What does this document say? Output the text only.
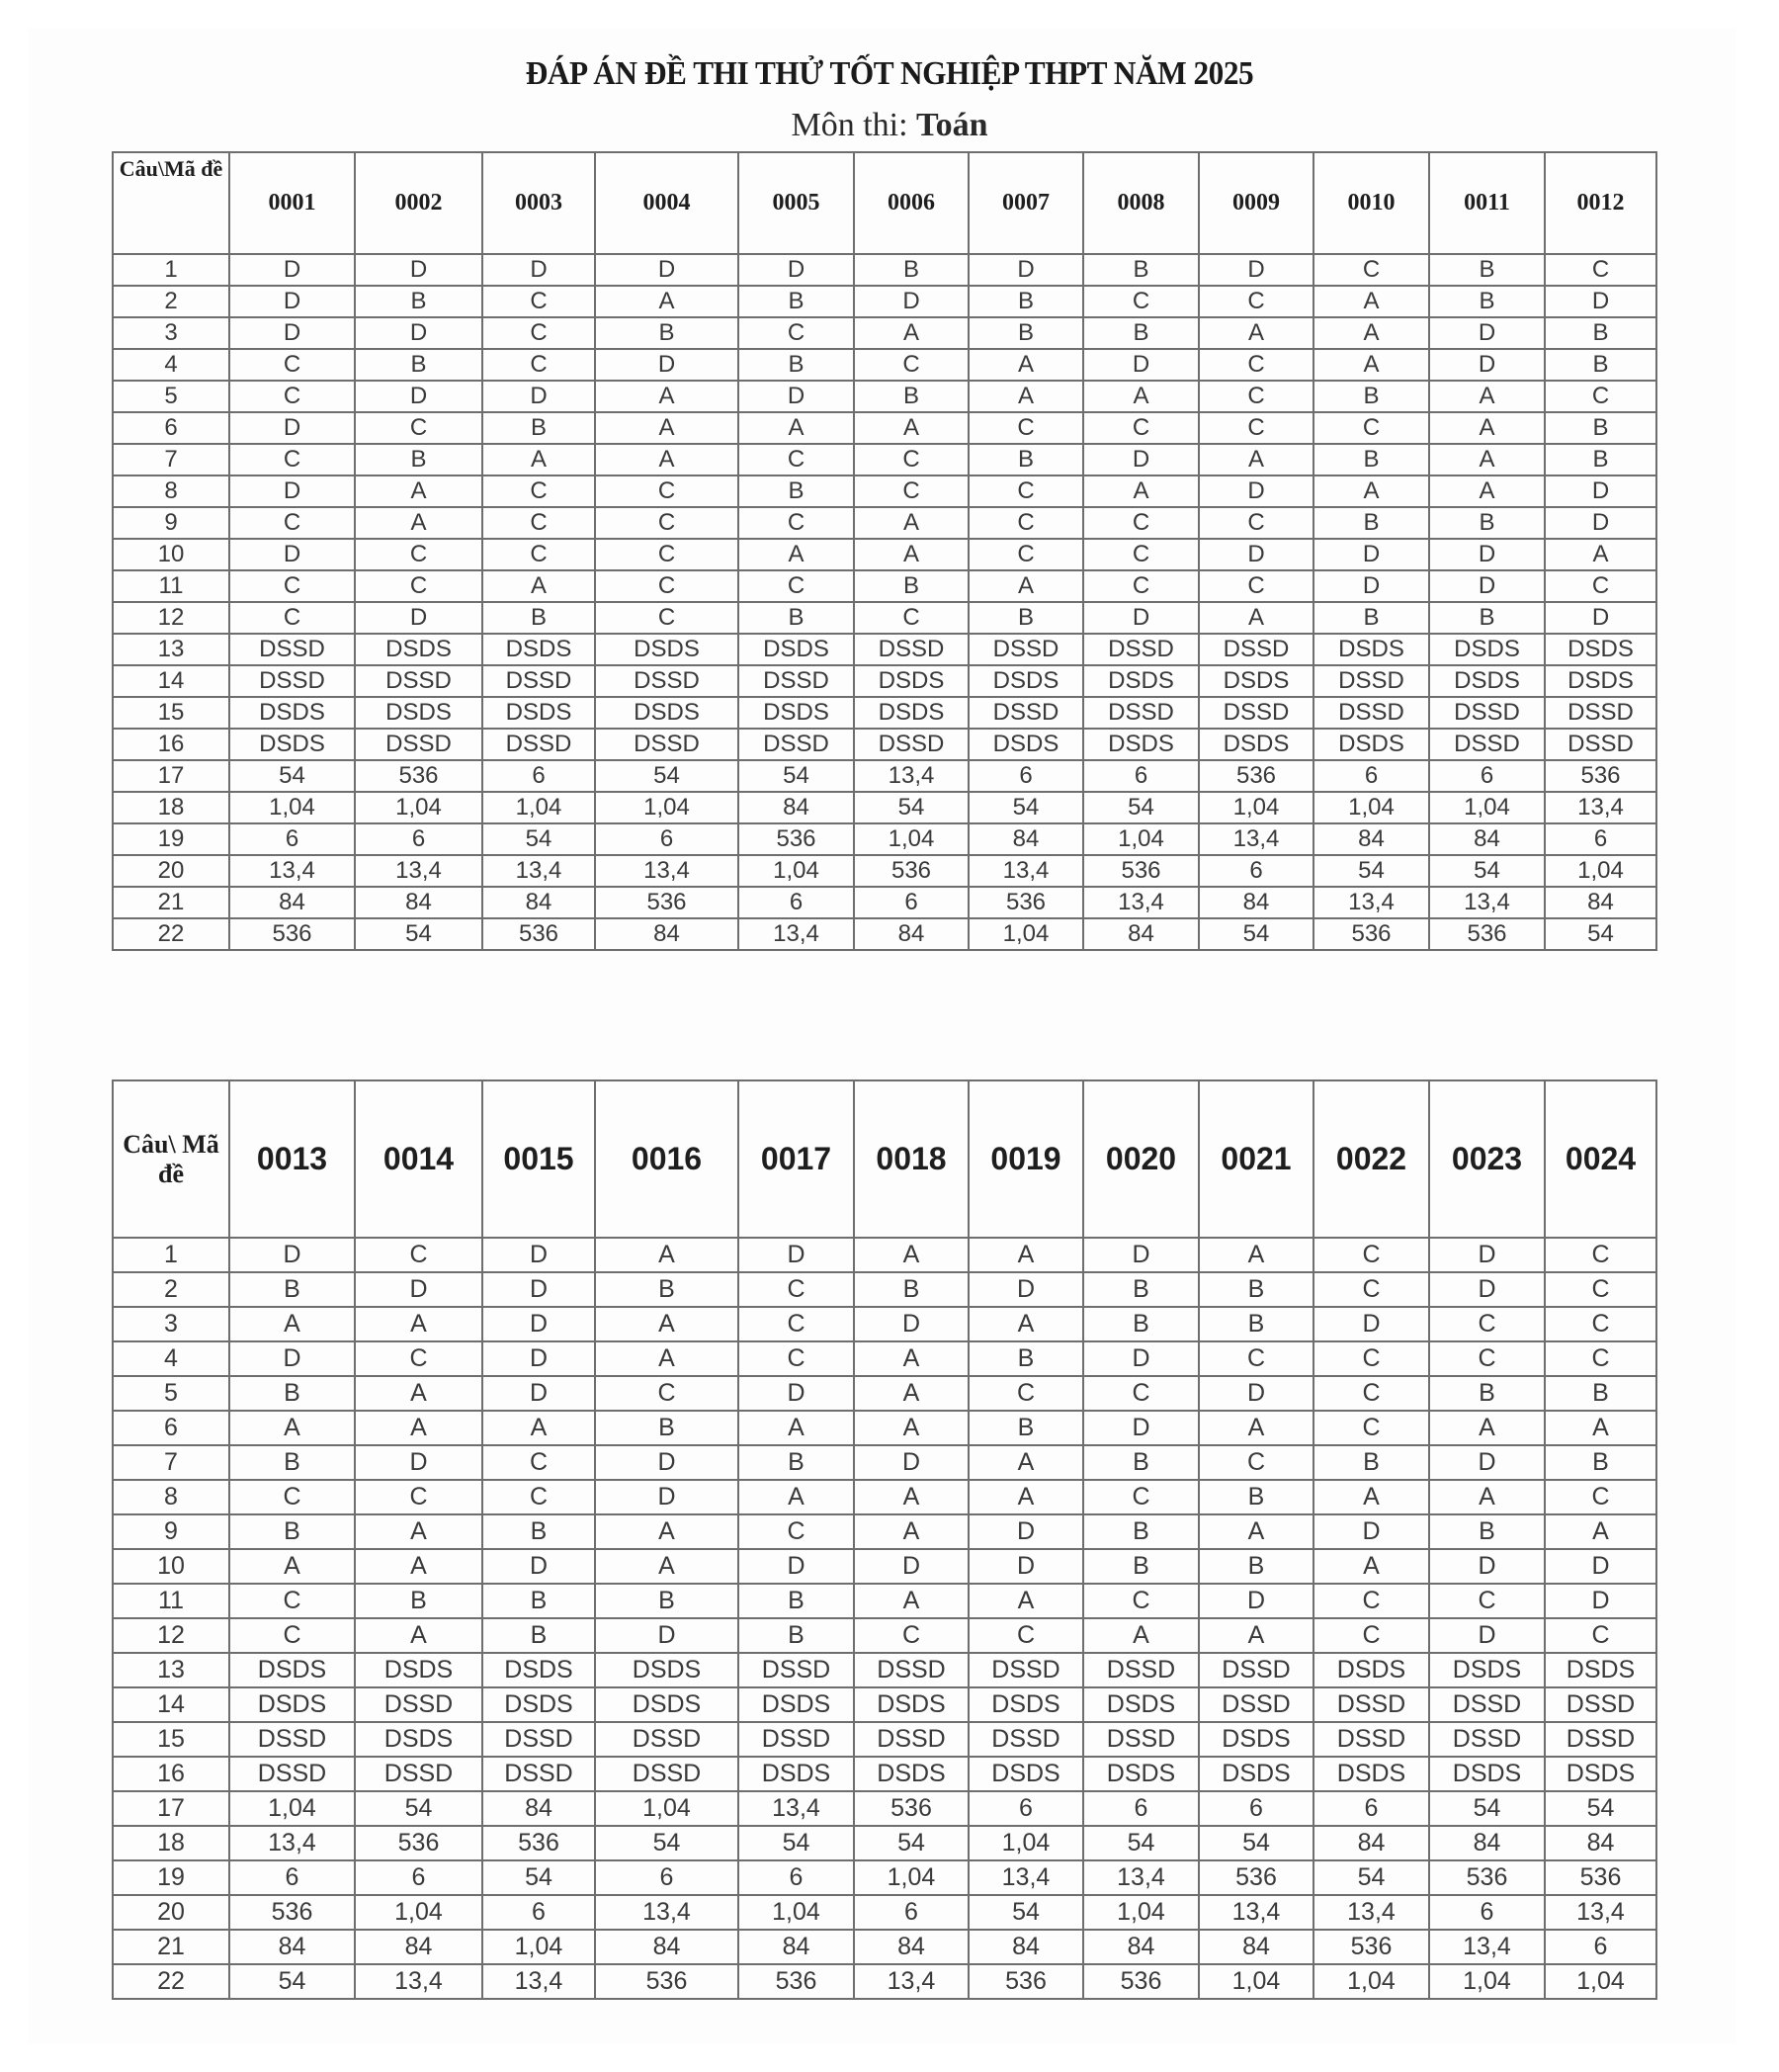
ĐÁP ÁN ĐỀ THI THỬ TỐT NGHIỆP THPT NĂM 2025
Môn thi: Toán
Câu\Mã đề	0001	0002	0003	0004	0005	0006	0007	0008	0009	0010	0011	0012
1	D	D	D	D	D	B	D	B	D	C	B	C
2	D	B	C	A	B	D	B	C	C	A	B	D
3	D	D	C	B	C	A	B	B	A	A	D	B
4	C	B	C	D	B	C	A	D	C	A	D	B
5	C	D	D	A	D	B	A	A	C	B	A	C
6	D	C	B	A	A	A	C	C	C	C	A	B
7	C	B	A	A	C	C	B	D	A	B	A	B
8	D	A	C	C	B	C	C	A	D	A	A	D
9	C	A	C	C	C	A	C	C	C	B	B	D
10	D	C	C	C	A	A	C	C	D	D	D	A
11	C	C	A	C	C	B	A	C	C	D	D	C
12	C	D	B	C	B	C	B	D	A	B	B	D
13	DSSD	DSDS	DSDS	DSDS	DSDS	DSSD	DSSD	DSSD	DSSD	DSDS	DSDS	DSDS
14	DSSD	DSSD	DSSD	DSSD	DSSD	DSDS	DSDS	DSDS	DSDS	DSSD	DSDS	DSDS
15	DSDS	DSDS	DSDS	DSDS	DSDS	DSDS	DSSD	DSSD	DSSD	DSSD	DSSD	DSSD
16	DSDS	DSSD	DSSD	DSSD	DSSD	DSSD	DSDS	DSDS	DSDS	DSDS	DSSD	DSSD
17	54	536	6	54	54	13,4	6	6	536	6	6	536
18	1,04	1,04	1,04	1,04	84	54	54	54	1,04	1,04	1,04	13,4
19	6	6	54	6	536	1,04	84	1,04	13,4	84	84	6
20	13,4	13,4	13,4	13,4	1,04	536	13,4	536	6	54	54	1,04
21	84	84	84	536	6	6	536	13,4	84	13,4	13,4	84
22	536	54	536	84	13,4	84	1,04	84	54	536	536	54
Câu\ Mã đề	0013	0014	0015	0016	0017	0018	0019	0020	0021	0022	0023	0024
1	D	C	D	A	D	A	A	D	A	C	D	C
2	B	D	D	B	C	B	D	B	B	C	D	C
3	A	A	D	A	C	D	A	B	B	D	C	C
4	D	C	D	A	C	A	B	D	C	C	C	C
5	B	A	D	C	D	A	C	C	D	C	B	B
6	A	A	A	B	A	A	B	D	A	C	A	A
7	B	D	C	D	B	D	A	B	C	B	D	B
8	C	C	C	D	A	A	A	C	B	A	A	C
9	B	A	B	A	C	A	D	B	A	D	B	A
10	A	A	D	A	D	D	D	B	B	A	D	D
11	C	B	B	B	B	A	A	C	D	C	C	D
12	C	A	B	D	B	C	C	A	A	C	D	C
13	DSDS	DSDS	DSDS	DSDS	DSSD	DSSD	DSSD	DSSD	DSSD	DSDS	DSDS	DSDS
14	DSDS	DSSD	DSDS	DSDS	DSDS	DSDS	DSDS	DSDS	DSSD	DSSD	DSSD	DSSD
15	DSSD	DSDS	DSSD	DSSD	DSSD	DSSD	DSSD	DSSD	DSDS	DSSD	DSSD	DSSD
16	DSSD	DSSD	DSSD	DSSD	DSDS	DSDS	DSDS	DSDS	DSDS	DSDS	DSDS	DSDS
17	1,04	54	84	1,04	13,4	536	6	6	6	6	54	54
18	13,4	536	536	54	54	54	1,04	54	54	84	84	84
19	6	6	54	6	6	1,04	13,4	13,4	536	54	536	536
20	536	1,04	6	13,4	1,04	6	54	1,04	13,4	13,4	6	13,4
21	84	84	1,04	84	84	84	84	84	84	536	13,4	6
22	54	13,4	13,4	536	536	13,4	536	536	1,04	1,04	1,04	1,04
